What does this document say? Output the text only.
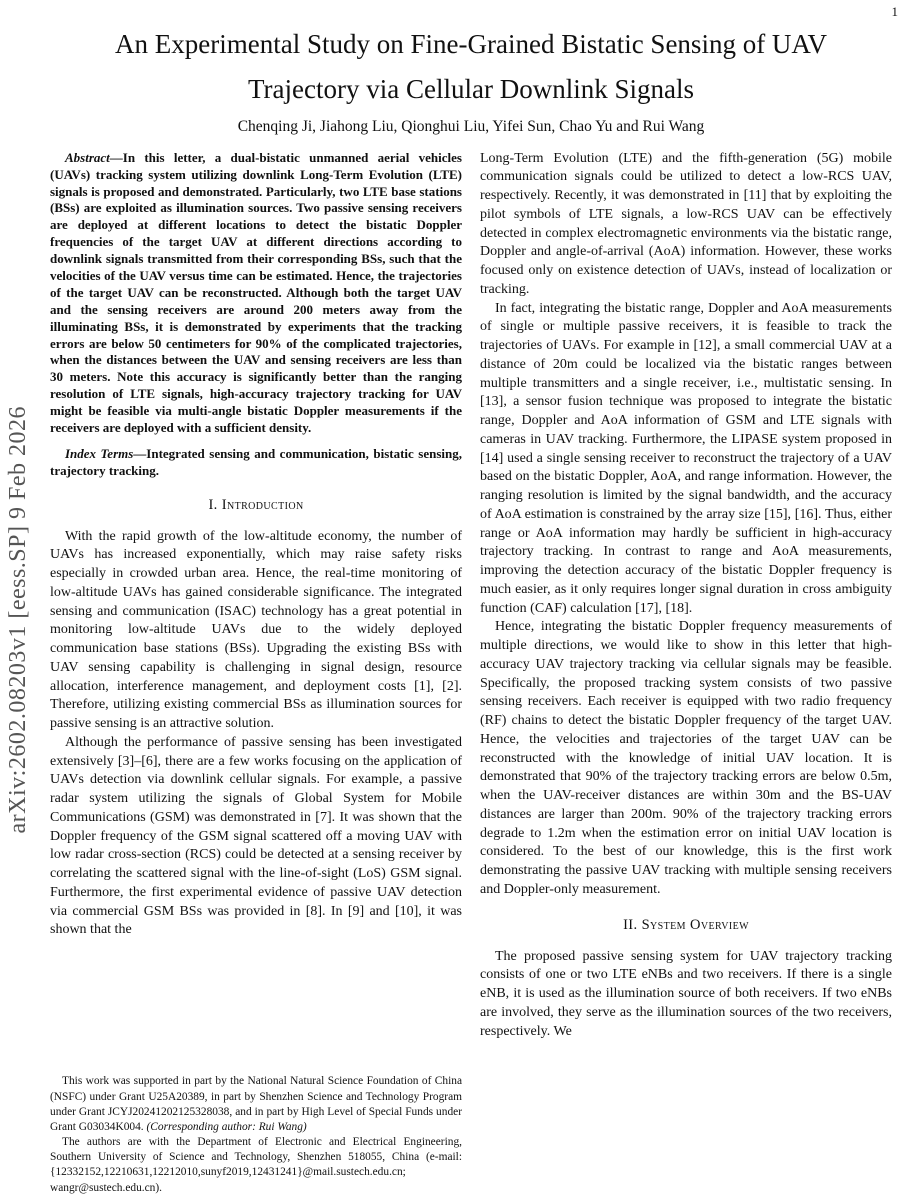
1
arXiv:2602.08203v1 [eess.SP] 9 Feb 2026
An Experimental Study on Fine-Grained Bistatic Sensing of UAV
Trajectory via Cellular Downlink Signals
Chenqing Ji, Jiahong Liu, Qionghui Liu, Yifei Sun, Chao Yu and Rui Wang

Abstract—In this letter, a dual-bistatic unmanned aerial vehicles (UAVs) tracking system utilizing downlink Long-Term Evolution (LTE) signals is proposed and demonstrated. Particularly, two LTE base stations (BSs) are exploited as illumination sources. Two passive sensing receivers are deployed at different locations to detect the bistatic Doppler frequencies of the target UAV at different directions according to downlink signals transmitted from their corresponding BSs, such that the velocities of the UAV versus time can be estimated. Hence, the trajectories of the target UAV can be reconstructed. Although both the target UAV and the sensing receivers are around 200 meters away from the illuminating BSs, it is demonstrated by experiments that the tracking errors are below 50 centimeters for 90% of the complicated trajectories, when the distances between the UAV and sensing receivers are less than 30 meters. Note this accuracy is significantly better than the ranging resolution of LTE signals, high-accuracy trajectory tracking for UAV might be feasible via multi-angle bistatic Doppler measurements if the receivers are deployed with a sufficient density.

Index Terms—Integrated sensing and communication, bistatic sensing, trajectory tracking.

I. Introduction

With the rapid growth of the low-altitude economy, the number of UAVs has increased exponentially, which may raise safety risks especially in crowded urban area. Hence, the real-time monitoring of low-altitude UAVs has gained considerable significance. The integrated sensing and communication (ISAC) technology has a great potential in monitoring low-altitude UAVs due to the widely deployed communication base stations (BSs). Upgrading the existing BSs with UAV sensing capability is challenging in signal design, resource allocation, interference management, and deployment costs [1], [2]. Therefore, utilizing existing commercial BSs as illumination sources for passive sensing is an attractive solution.

Although the performance of passive sensing has been investigated extensively [3]–[6], there are a few works focusing on the application of UAVs detection via downlink cellular signals. For example, a passive radar system utilizing the signals of Global System for Mobile Communications (GSM) was demonstrated in [7]. It was shown that the Doppler frequency of the GSM signal scattered off a moving UAV with low radar cross-section (RCS) could be detected at a sensing receiver by correlating the scattered signal with the line-of-sight (LoS) GSM signal. Furthermore, the first experimental evidence of passive UAV detection via commercial GSM BSs was provided in [8]. In [9] and [10], it was shown that the

This work was supported in part by the National Natural Science Foundation of China (NSFC) under Grant U25A20389, in part by Shenzhen Science and Technology Program under Grant JCYJ20241202125328038, and in part by High Level of Special Funds under Grant G03034K004. (Corresponding author: Rui Wang)

The authors are with the Department of Electronic and Electrical Engineering, Southern University of Science and Technology, Shenzhen 518055, China (e-mail: {12332152,12210631,12212010,sunyf2019,12431241}@mail.sustech.edu.cn; wangr@sustech.edu.cn).

Long-Term Evolution (LTE) and the fifth-generation (5G) mobile communication signals could be utilized to detect a low-RCS UAV, respectively. Recently, it was demonstrated in [11] that by exploiting the pilot symbols of LTE signals, a low-RCS UAV can be effectively detected in complex electromagnetic environments via the bistatic range, Doppler and angle-of-arrival (AoA) information. However, these works focused only on existence detection of UAVs, instead of localization or tracking.

In fact, integrating the bistatic range, Doppler and AoA measurements of single or multiple passive receivers, it is feasible to track the trajectories of UAVs. For example in [12], a small commercial UAV at a distance of 20m could be localized via the bistatic ranges between multiple transmitters and a single receiver, i.e., multistatic sensing. In [13], a sensor fusion technique was proposed to integrate the bistatic range, Doppler and AoA information of GSM and LTE signals with cameras in UAV tracking. Furthermore, the LIPASE system proposed in [14] used a single sensing receiver to reconstruct the trajectory of a UAV based on the bistatic Doppler, AoA, and range information. However, the ranging resolution is limited by the signal bandwidth, and the accuracy of AoA estimation is constrained by the array size [15], [16]. Thus, either range or AoA information may hardly be sufficient in high-accuracy trajectory tracking. In contrast to range and AoA measurements, improving the detection accuracy of the bistatic Doppler frequency is much easier, as it only requires longer signal duration in cross ambiguity function (CAF) calculation [17], [18].

Hence, integrating the bistatic Doppler frequency measurements of multiple directions, we would like to show in this letter that high-accuracy UAV trajectory tracking via cellular signals may be feasible. Specifically, the proposed tracking system consists of two passive sensing receivers. Each receiver is equipped with two radio frequency (RF) chains to detect the bistatic Doppler frequency of the target UAV. Hence, the velocities and trajectories of the target UAV can be reconstructed with the knowledge of initial UAV location. It is demonstrated that 90% of the trajectory tracking errors are below 0.5m, when the UAV-receiver distances are within 30m and the BS-UAV distances are larger than 200m. 90% of the trajectory tracking errors degrade to 1.2m when the estimation error on initial UAV location is considered. To the best of our knowledge, this is the first work demonstrating the passive UAV tracking with multiple sensing receivers and Doppler-only measurement.

II. System Overview

The proposed passive sensing system for UAV trajectory tracking consists of one or two LTE eNBs and two receivers. If there is a single eNB, it is used as the illumination source of both receivers. If two eNBs are involved, they serve as the illumination sources of the two receivers, respectively. We
